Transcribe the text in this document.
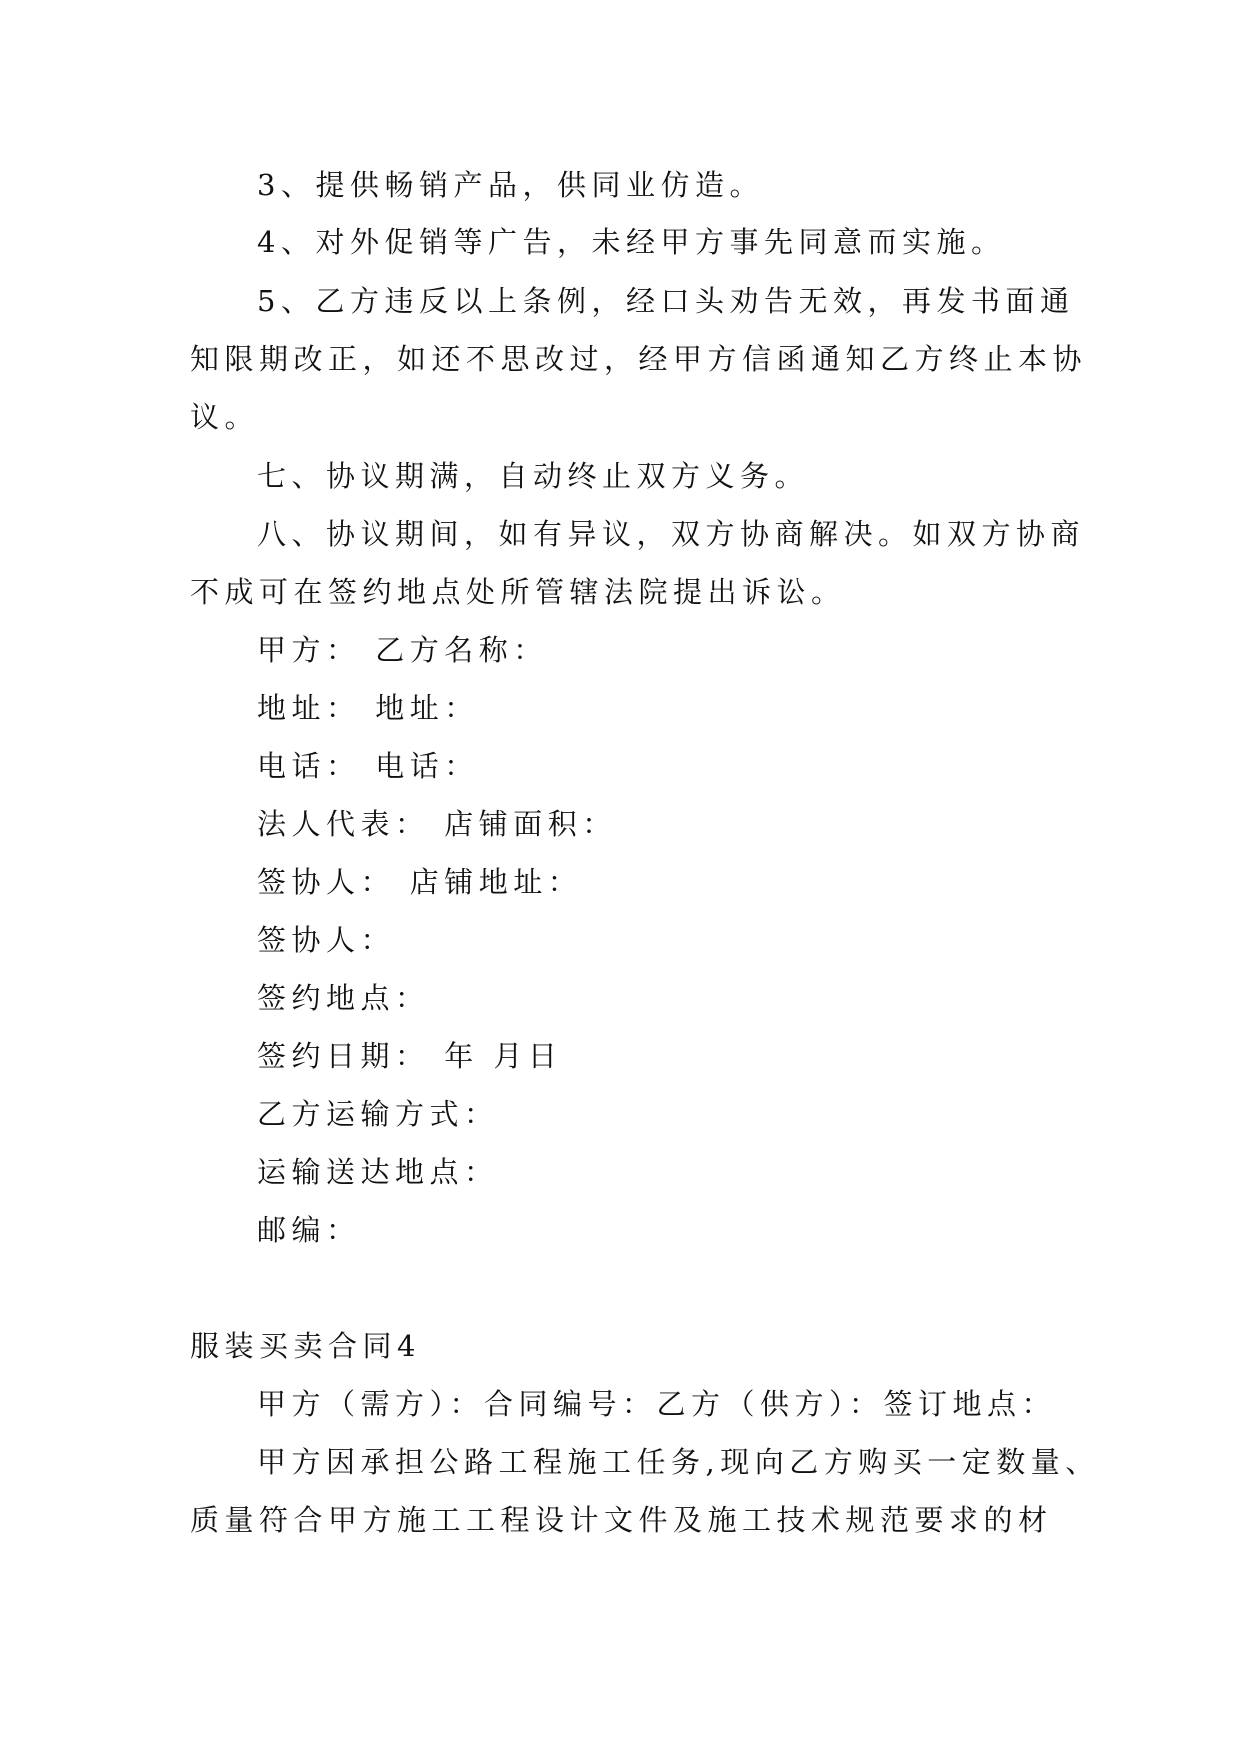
3、提供畅销产品，供同业仿造。
4、对外促销等广告，未经甲方事先同意而实施。
5、乙方违反以上条例，经口头劝告无效，再发书面通
知限期改正，如还不思改过，经甲方信函通知乙方终止本协
议。
七、协议期满，自动终止双方义务。
八、协议期间，如有异议，双方协商解决。如双方协商
不成可在签约地点处所管辖法院提出诉讼。
甲方： 乙方名称：
地址： 地址：
电话： 电话：
法人代表： 店铺面积：
签协人： 店铺地址：
签协人：
签约地点：
签约日期： 年 月日
乙方运输方式：
运输送达地点：
邮编：
服装买卖合同4
甲方（需方）：合同编号：乙方（供方）：签订地点：
甲方因承担公路工程施工任务,现向乙方购买一定数量、
质量符合甲方施工工程设计文件及施工技术规范要求的材
